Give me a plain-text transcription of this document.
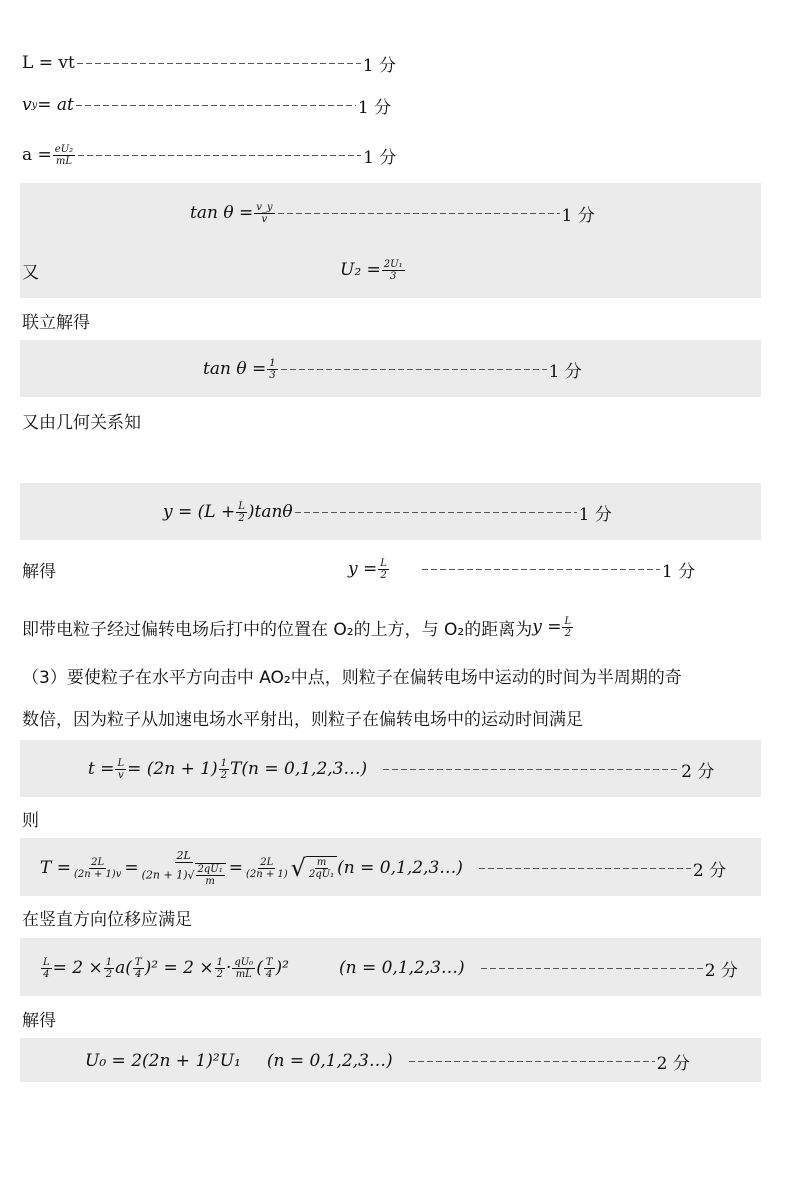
L = vt	1 分
v y = at	1 分
$a = \frac{\text{eU₂}}{mL}$	1 分
$\tan \theta = \frac{v\_y}{v}$	1 分
又	$U_2 = \frac{\text{2U₁}}{3}$
联立解得
$\tan \theta = \frac{1}{3}$	1 分
又由几何关系知
$y = (L + \frac{L}{2} )\tan\theta$	1 分
解得	$y = \frac{L}{2}$	1 分
即带电粒子经过偏转电场后打中的位置在 O₂的上方，与 O₂的距离为 $y = \frac{L}{2}$
（3）要使粒子在水平方向击中 AO₂中点，则粒子在偏转电场中运动的时间为半周期的奇
数倍，因为粒子从加速电场水平射出，则粒子在偏转电场中的运动时间满足
$t = \frac{L}{v} = (2n + 1) \frac{1}{2} T(n$ = 0,1,2,3…)	2 分
则
$T = \frac{2L}{(2n + 1)v} = \frac{2L}{(2n + 1)√ \frac{\text{2qU₁}}{m}} = \frac{2L}{(2n + 1)}$ √ $\frac{m}{\text{2qU₁}} (n$ = 0,1,2,3…)	2 分
在竖直方向位移应满足
$\frac{L}{4} = 2 \times \frac{1}{2} a( \frac{T}{4} )^2 = 2 \times \frac{1}{2} \cdot \frac{\text{qU₀}}{mL}$ ( $\frac{T}{4} )^2$	(n = 0,1,2,3…)	2 分
解得
U₀ = 2(2n + 1)²U₁ (n = 0,1,2,3…)	2 分
